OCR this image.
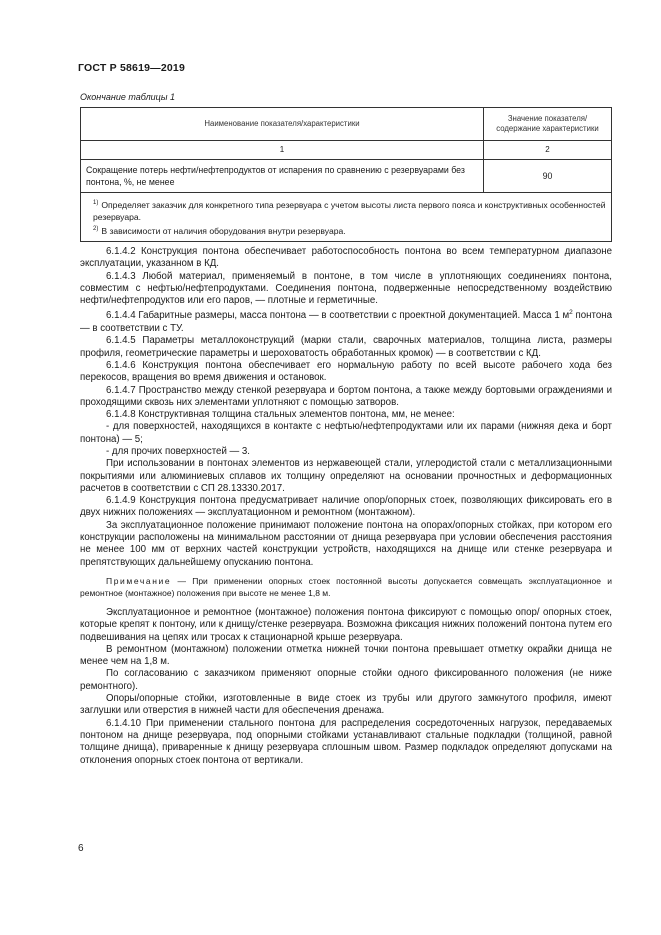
ГОСТ Р 58619—2019
Окончание таблицы 1
Наименование показателя/характеристики	Значение показателя/
содержание характеристики
1	2
Сокращение потерь нефти/нефтепродуктов от испарения по сравнению с резервуарами без понтона, %, не менее	90

$^{1)}$ Определяет заказчик для конкретного типа резервуара с учетом высоты листа первого пояса и конструктивных особенностей резервуара.
$^{2)}$ В зависимости от наличия оборудования внутри резервуара.	

6.1.4.2 Конструкция понтона обеспечивает работоспособность понтона во всем температурном диапазоне эксплуатации, указанном в КД.

6.1.4.3 Любой материал, применяемый в понтоне, в том числе в уплотняющих соединениях понтона, совместим с нефтью/нефтепродуктами. Соединения понтона, подверженные непосредственному воздействию нефти/нефтепродуктов или его паров, — плотные и герметичные.

6.1.4.4 Габаритные размеры, масса понтона — в соответствии с проектной документацией. Масса 1 $м^2$ понтона — в соответствии с ТУ.

6.1.4.5 Параметры металлоконструкций (марки стали, сварочных материалов, толщина листа, размеры профиля, геометрические параметры и шероховатость обработанных кромок) — в соответствии с КД.

6.1.4.6 Конструкция понтона обеспечивает его нормальную работу по всей высоте рабочего хода без перекосов, вращения во время движения и остановок.

6.1.4.7 Пространство между стенкой резервуара и бортом понтона, а также между бортовыми ограждениями и проходящими сквозь них элементами уплотняют с помощью затворов.

6.1.4.8 Конструктивная толщина стальных элементов понтона, мм, не менее:

- для поверхностей, находящихся в контакте с нефтью/нефтепродуктами или их парами (нижняя дека и борт понтона) — 5;

- для прочих поверхностей — 3.

При использовании в понтонах элементов из нержавеющей стали, углеродистой стали с металлизационными покрытиями или алюминиевых сплавов их толщину определяют на основании прочностных и деформационных расчетов в соответствии с СП 28.13330.2017.

6.1.4.9 Конструкция понтона предусматривает наличие опор/опорных стоек, позволяющих фиксировать его в двух нижних положениях — эксплуатационном и ремонтном (монтажном).

За эксплуатационное положение принимают положение понтона на опорах/опорных стойках, при котором его конструкции расположены на минимальном расстоянии от днища резервуара при условии обеспечения расстояния не менее 100 мм от верхних частей конструкции устройств, находящихся на днище или стенке резервуара и препятствующих дальнейшему опусканию понтона.

Примечание — При применении опорных стоек постоянной высоты допускается совмещать эксплуатационное и ремонтное (монтажное) положения при высоте не менее 1,8 м.

Эксплуатационное и ремонтное (монтажное) положения понтона фиксируют с помощью опор/ опорных стоек, которые крепят к понтону, или к днищу/стенке резервуара. Возможна фиксация нижних положений понтона путем его подвешивания на цепях или тросах к стационарной крыше резервуара.

В ремонтном (монтажном) положении отметка нижней точки понтона превышает отметку окрайки днища не менее чем на 1,8 м.

По согласованию с заказчиком применяют опорные стойки одного фиксированного положения (не ниже ремонтного).

Опоры/опорные стойки, изготовленные в виде стоек из трубы или другого замкнутого профиля, имеют заглушки или отверстия в нижней части для обеспечения дренажа.

6.1.4.10 При применении стального понтона для распределения сосредоточенных нагрузок, передаваемых понтоном на днище резервуара, под опорными стойками устанавливают стальные подкладки (толщиной, равной толщине днища), приваренные к днищу резервуара сплошным швом. Размер подкладок определяют допусками на отклонения опорных стоек понтона от вертикали.

6
